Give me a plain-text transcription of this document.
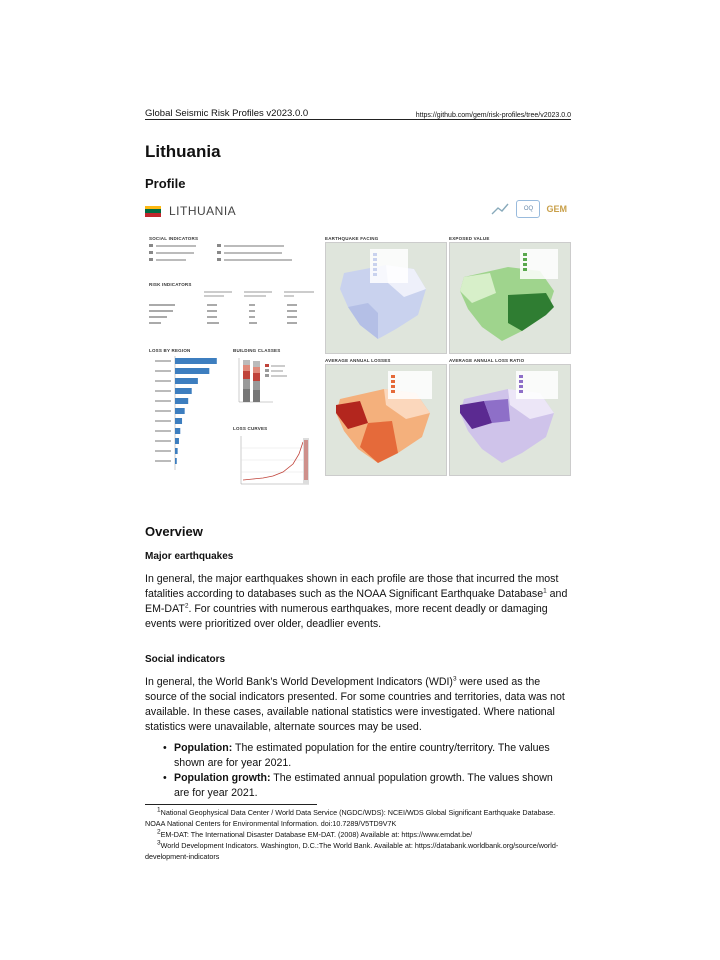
Global Seismic Risk Profiles v2023.0.0	https://github.com/gem/risk-profiles/tree/v2023.0.0
Lithuania
Profile
LITHUANIA	OQ	GEM
SOCIAL INDICATORS
RISK INDICATORS
LOSS BY REGION	BUILDING CLASSES
LOSS CURVES
EARTHQUAKE FACING	EXPOSED VALUE
AVERAGE ANNUAL LOSSES	AVERAGE ANNUAL LOSS RATIO
Overview
Major earthquakes

In general, the major earthquakes shown in each profile are those that incurred the most fatalities according to databases such as the NOAA Significant Earthquake Database$^1$ and EM-DAT$^2$. For countries with numerous earthquakes, more recent deadly or damaging events were prioritized over older, deadlier events.

Social indicators

In general, the World Bank’s World Development Indicators (WDI)$^3$ were used as the source of the social indicators presented. For some countries and territories, data was not available. In these cases, available national statistics were investigated. Where national statistics were unavailable, alternate sources may be used.

• Population: The estimated population for the entire country/territory. The values shown are for year 2021.
• Population growth: The estimated annual population growth. The values shown are for year 2021.
$^1$National Geophysical Data Center / World Data Service (NGDC/WDS): NCEI/WDS Global Significant Earthquake Database. NOAA National Centers for Environmental Information. doi:10.7289/V5TD9V7K
$^2$EM-DAT: The International Disaster Database EM-DAT. (2008) Available at: https://www.emdat.be/
$^3$World Development Indicators. Washington, D.C.:The World Bank. Available at: https://databank.worldbank.org/source/world-development-indicators
